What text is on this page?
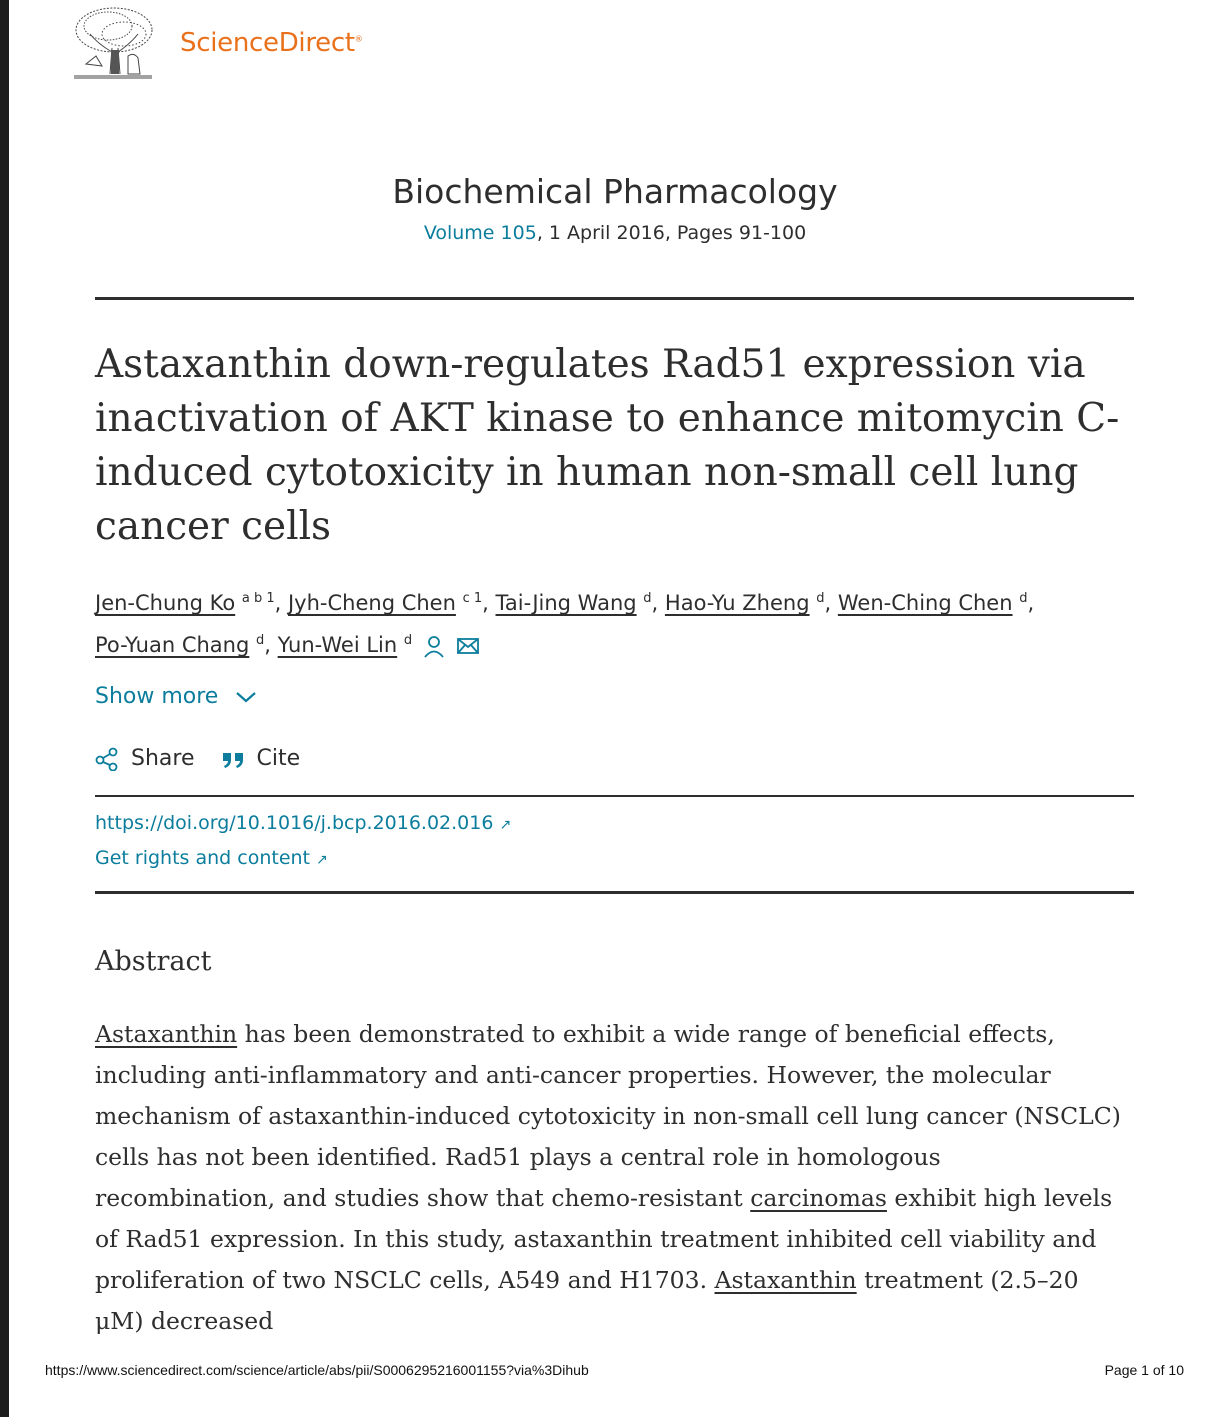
ScienceDirect®
Biochemical Pharmacology
Volume 105, 1 April 2016, Pages 91-100
Astaxanthin down-regulates Rad51 expression via inactivation of AKT kinase to enhance mitomycin C-induced cytotoxicity in human non-small cell lung cancer cells
Jen-Chung Ko $^{a b 1}$, Jyh-Cheng Chen $^{c 1}$, Tai-Jing Wang $^d$, Hao-Yu Zheng $^d$, Wen-Ching Chen $^d$,
Po-Yuan Chang $^d$, Yun-Wei Lin $^d$
Show more
Share	Cite
https://doi.org/10.1016/j.bcp.2016.02.016 ↗
Get rights and content ↗
Abstract

Astaxanthin has been demonstrated to exhibit a wide range of beneficial effects, including anti-inflammatory and anti-cancer properties. However, the molecular mechanism of astaxanthin-induced cytotoxicity in non-small cell lung cancer (NSCLC) cells has not been identified. Rad51 plays a central role in homologous recombination, and studies show that chemo-resistant carcinomas exhibit high levels of Rad51 expression. In this study, astaxanthin treatment inhibited cell viability and proliferation of two NSCLC cells, A549 and H1703. Astaxanthin treatment (2.5–20 μM) decreased

https://www.sciencedirect.com/science/article/abs/pii/S0006295216001155?via%3Dihub	Page 1 of 10
